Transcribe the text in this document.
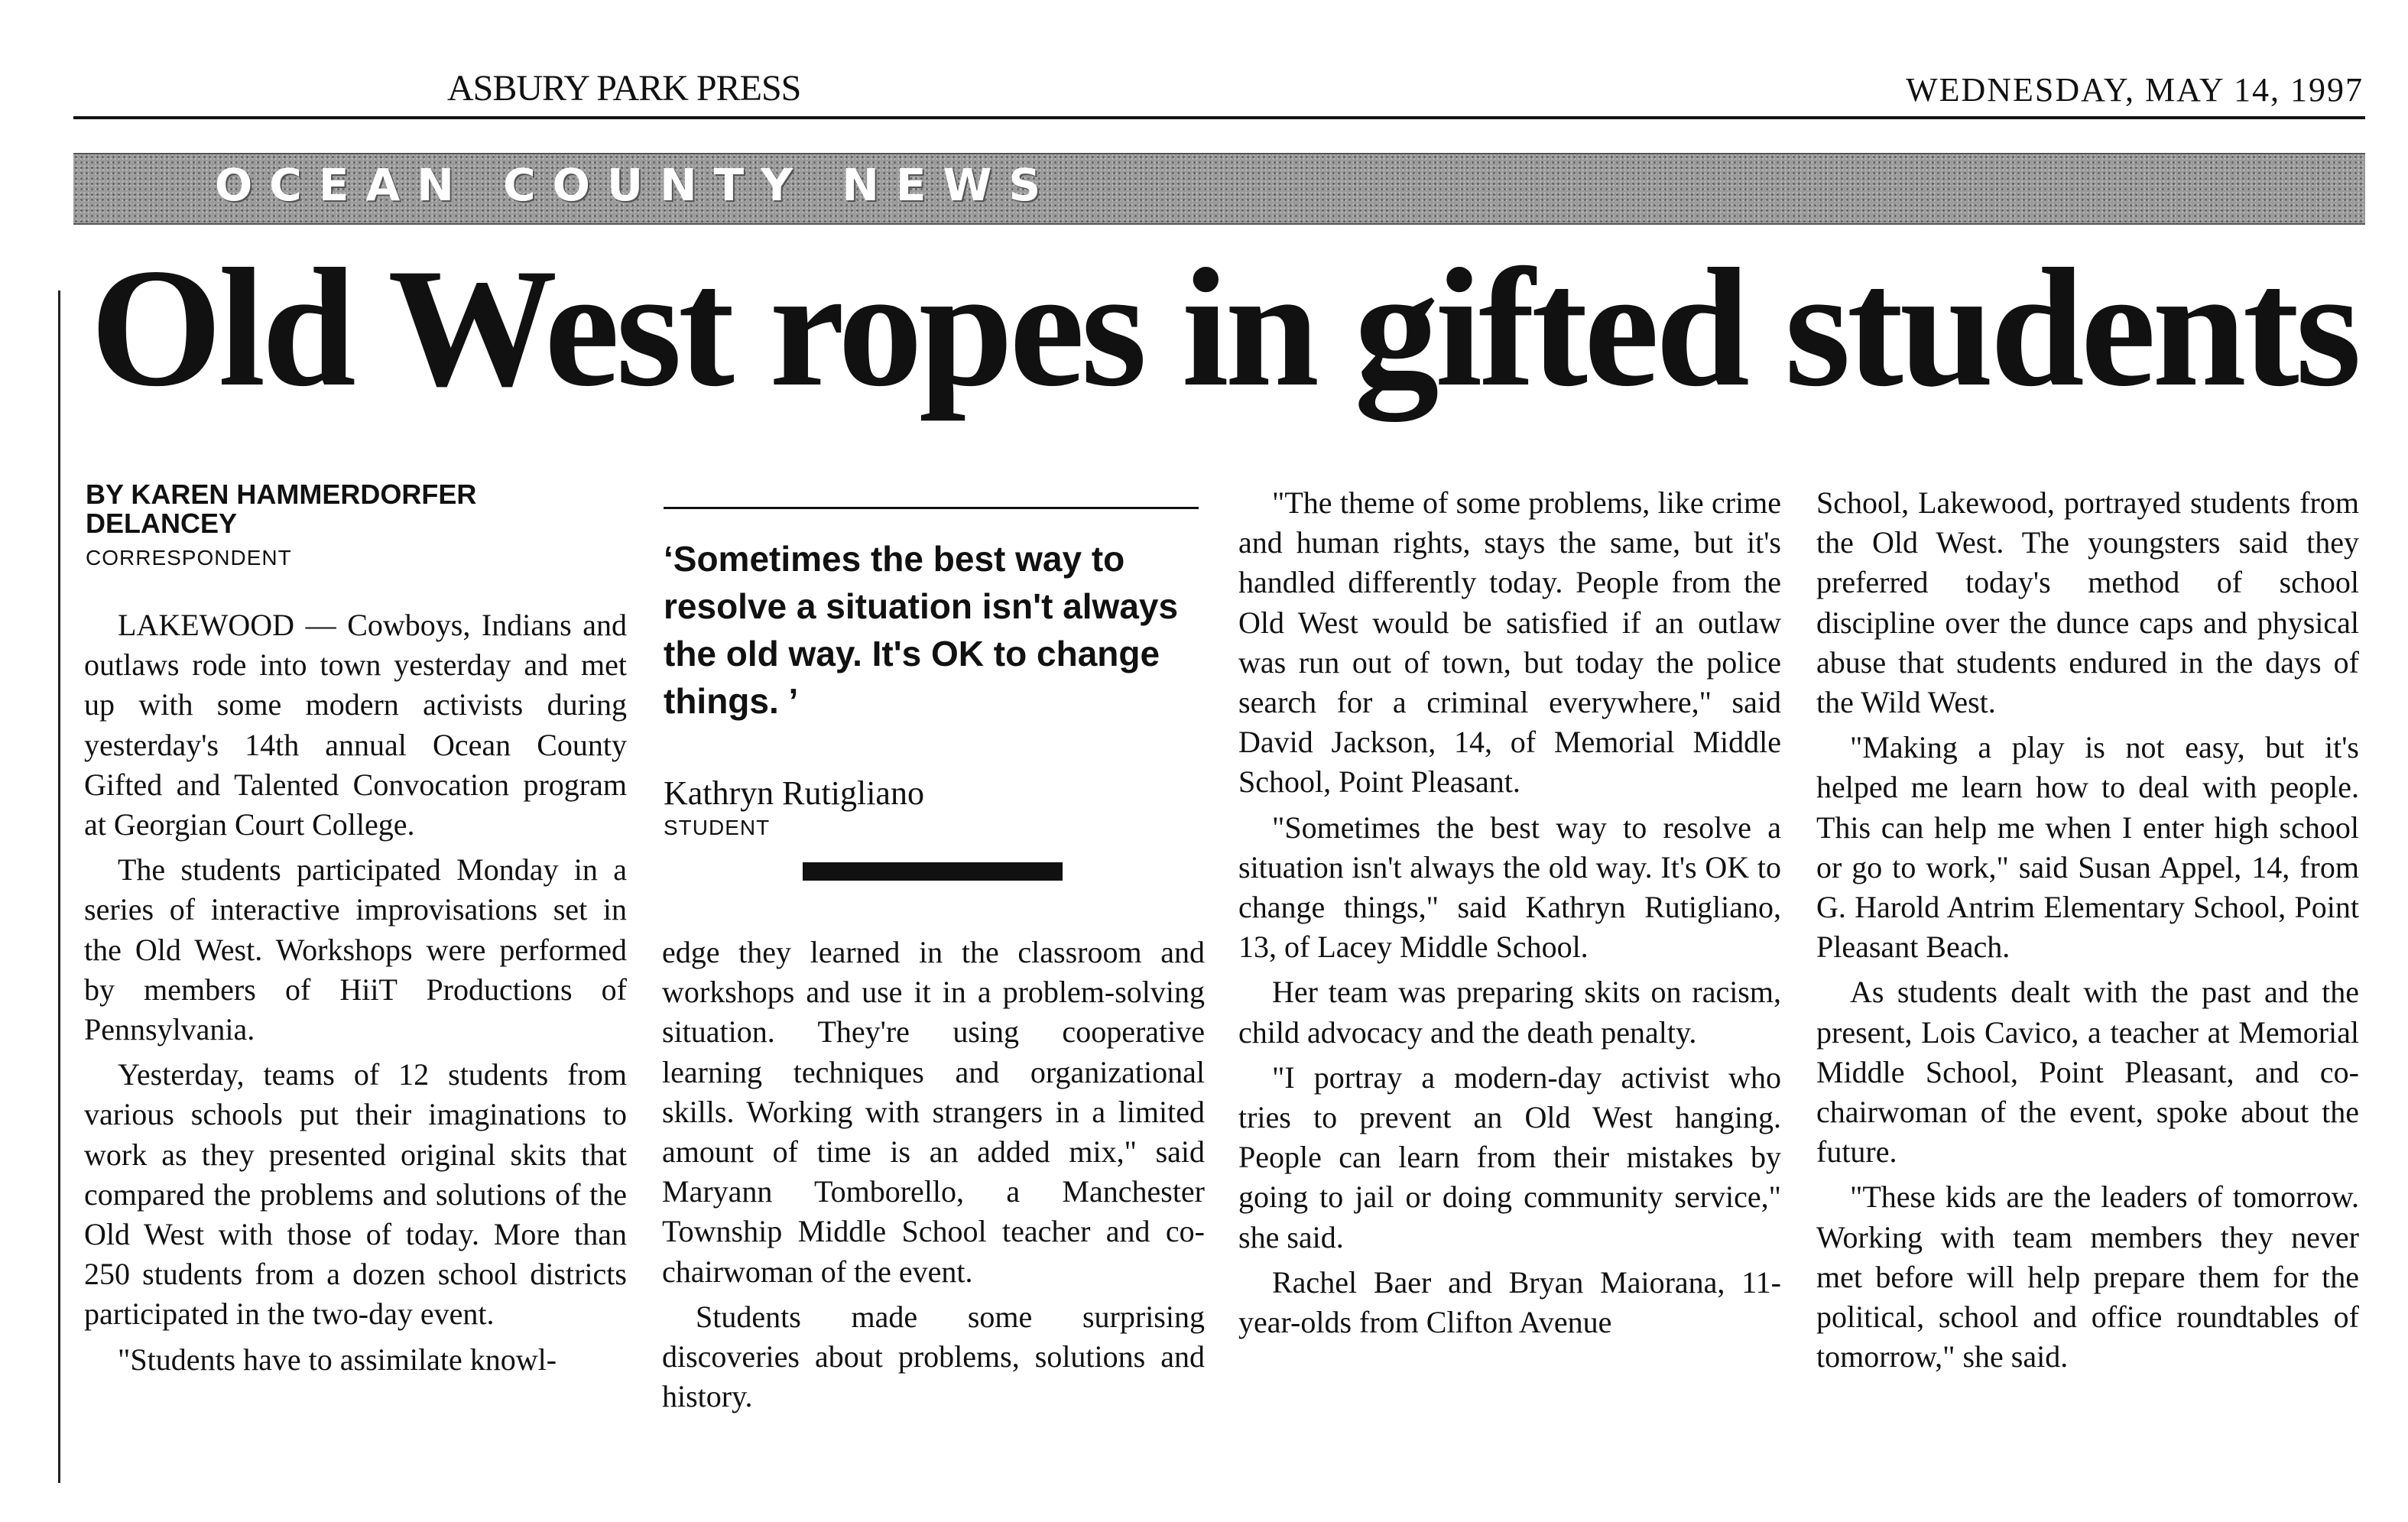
ASBURY PARK PRESS	WEDNESDAY, MAY 14, 1997
OCEAN COUNTY NEWS
Old West ropes in gifted students
BY KAREN HAMMERDORFER DELANCEY
CORRESPONDENT

LAKEWOOD — Cowboys, Indians and outlaws rode into town yesterday and met up with some modern activists during yesterday's 14th annual Ocean County Gifted and Talented Convocation program at Georgian Court College.

The students participated Monday in a series of interactive improvisations set in the Old West. Workshops were performed by members of HiiT Productions of Pennsylvania.

Yesterday, teams of 12 students from various schools put their imaginations to work as they presented original skits that compared the problems and solutions of the Old West with those of today. More than 250 students from a dozen school districts participated in the two-day event.

"Students have to assimilate knowl-

‘Sometimes the best way to resolve a situation isn't always the old way. It's OK to change things. ’
Kathryn Rutigliano
STUDENT

edge they learned in the classroom and workshops and use it in a problem-solving situation. They're using cooperative learning techniques and organizational skills. Working with strangers in a limited amount of time is an added mix," said Maryann Tomborello, a Manchester Township Middle School teacher and co-chairwoman of the event.

Students made some surprising discoveries about problems, solutions and history.

"The theme of some problems, like crime and human rights, stays the same, but it's handled differently today. People from the Old West would be satisfied if an outlaw was run out of town, but today the police search for a criminal everywhere," said David Jackson, 14, of Memorial Middle School, Point Pleasant.

"Sometimes the best way to resolve a situation isn't always the old way. It's OK to change things," said Kathryn Rutigliano, 13, of Lacey Middle School.

Her team was preparing skits on racism, child advocacy and the death penalty.

"I portray a modern-day activist who tries to prevent an Old West hanging. People can learn from their mistakes by going to jail or doing community service," she said.

Rachel Baer and Bryan Maiorana, 11-year-olds from Clifton Avenue

School, Lakewood, portrayed students from the Old West. The youngsters said they preferred today's method of school discipline over the dunce caps and physical abuse that students endured in the days of the Wild West.

"Making a play is not easy, but it's helped me learn how to deal with people. This can help me when I enter high school or go to work," said Susan Appel, 14, from G. Harold Antrim Elementary School, Point Pleasant Beach.

As students dealt with the past and the present, Lois Cavico, a teacher at Memorial Middle School, Point Pleasant, and co-chairwoman of the event, spoke about the future.

"These kids are the leaders of tomorrow. Working with team members they never met before will help prepare them for the political, school and office roundtables of tomorrow," she said.
